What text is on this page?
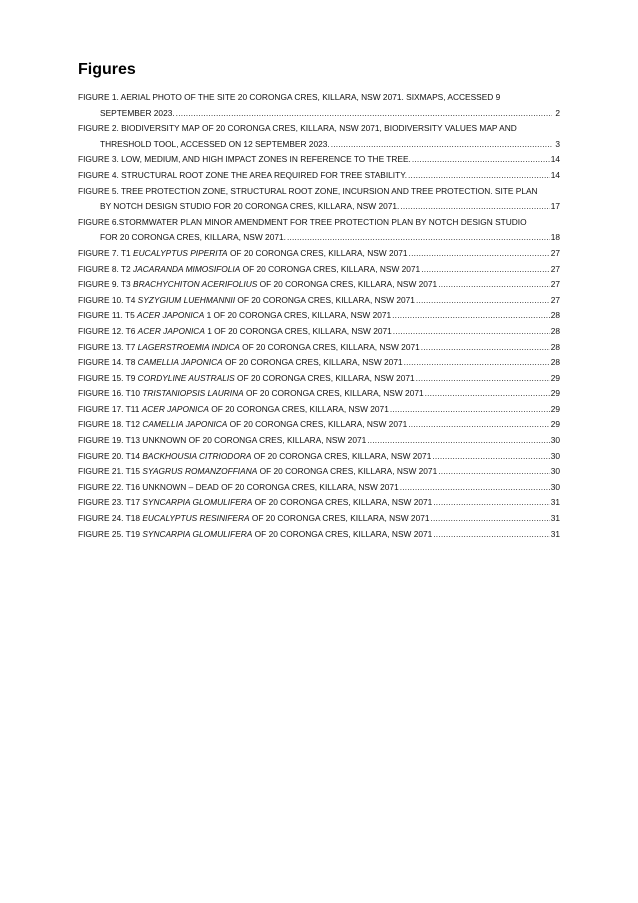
Figures
FIGURE 1. AERIAL PHOTO OF THE SITE 20 CORONGA CRES, KILLARA, NSW 2071. SIXMAPS, ACCESSED 9
SEPTEMBER 2023. .....	2
FIGURE 2. BIODIVERSITY MAP OF 20 CORONGA CRES, KILLARA, NSW 2071, BIODIVERSITY VALUES MAP AND
THRESHOLD TOOL, ACCESSED ON 12 SEPTEMBER 2023. .....	3
FIGURE 3. LOW, MEDIUM, AND HIGH IMPACT ZONES IN REFERENCE TO THE TREE. .....	14
FIGURE 4. STRUCTURAL ROOT ZONE THE AREA REQUIRED FOR TREE STABILITY. .....	14
FIGURE 5. TREE PROTECTION ZONE, STRUCTURAL ROOT ZONE, INCURSION AND TREE PROTECTION. SITE PLAN
BY NOTCH DESIGN STUDIO FOR 20 CORONGA CRES, KILLARA, NSW 2071. .....	17
FIGURE 6.STORMWATER PLAN MINOR AMENDMENT FOR TREE PROTECTION PLAN BY NOTCH DESIGN STUDIO
FOR 20 CORONGA CRES, KILLARA, NSW 2071. .....	18
FIGURE 7. T1 EUCALYPTUS PIPERITA OF 20 CORONGA CRES, KILLARA, NSW 2071 .....	27
FIGURE 8. T2 JACARANDA MIMOSIFOLIA OF 20 CORONGA CRES, KILLARA, NSW 2071 .....	27
FIGURE 9. T3 BRACHYCHITON ACERIFOLIUS OF 20 CORONGA CRES, KILLARA, NSW 2071 .....	27
FIGURE 10. T4 SYZYGIUM LUEHMANNII OF 20 CORONGA CRES, KILLARA, NSW 2071 .....	27
FIGURE 11. T5 ACER JAPONICA 1 OF 20 CORONGA CRES, KILLARA, NSW 2071 .....	28
FIGURE 12. T6 ACER JAPONICA 1 OF 20 CORONGA CRES, KILLARA, NSW 2071 .....	28
FIGURE 13. T7 LAGERSTROEMIA INDICA OF 20 CORONGA CRES, KILLARA, NSW 2071 .....	28
FIGURE 14. T8 CAMELLIA JAPONICA OF 20 CORONGA CRES, KILLARA, NSW 2071 .....	28
FIGURE 15. T9 CORDYLINE AUSTRALIS OF 20 CORONGA CRES, KILLARA, NSW 2071 .....	29
FIGURE 16. T10 TRISTANIOPSIS LAURINA OF 20 CORONGA CRES, KILLARA, NSW 2071 .....	29
FIGURE 17. T11 ACER JAPONICA OF 20 CORONGA CRES, KILLARA, NSW 2071 .....	29
FIGURE 18. T12 CAMELLIA JAPONICA OF 20 CORONGA CRES, KILLARA, NSW 2071 .....	29
FIGURE 19. T13 UNKNOWN OF 20 CORONGA CRES, KILLARA, NSW 2071 .....	30
FIGURE 20. T14 BACKHOUSIA CITRIODORA OF 20 CORONGA CRES, KILLARA, NSW 2071 .....	30
FIGURE 21. T15 SYAGRUS ROMANZOFFIANA OF 20 CORONGA CRES, KILLARA, NSW 2071 .....	30
FIGURE 22. T16 UNKNOWN – DEAD OF 20 CORONGA CRES, KILLARA, NSW 2071 .....	30
FIGURE 23. T17 SYNCARPIA GLOMULIFERA OF 20 CORONGA CRES, KILLARA, NSW 2071 .....	31
FIGURE 24. T18 EUCALYPTUS RESINIFERA OF 20 CORONGA CRES, KILLARA, NSW 2071 .....	31
FIGURE 25. T19 SYNCARPIA GLOMULIFERA OF 20 CORONGA CRES, KILLARA, NSW 2071 .....	31
